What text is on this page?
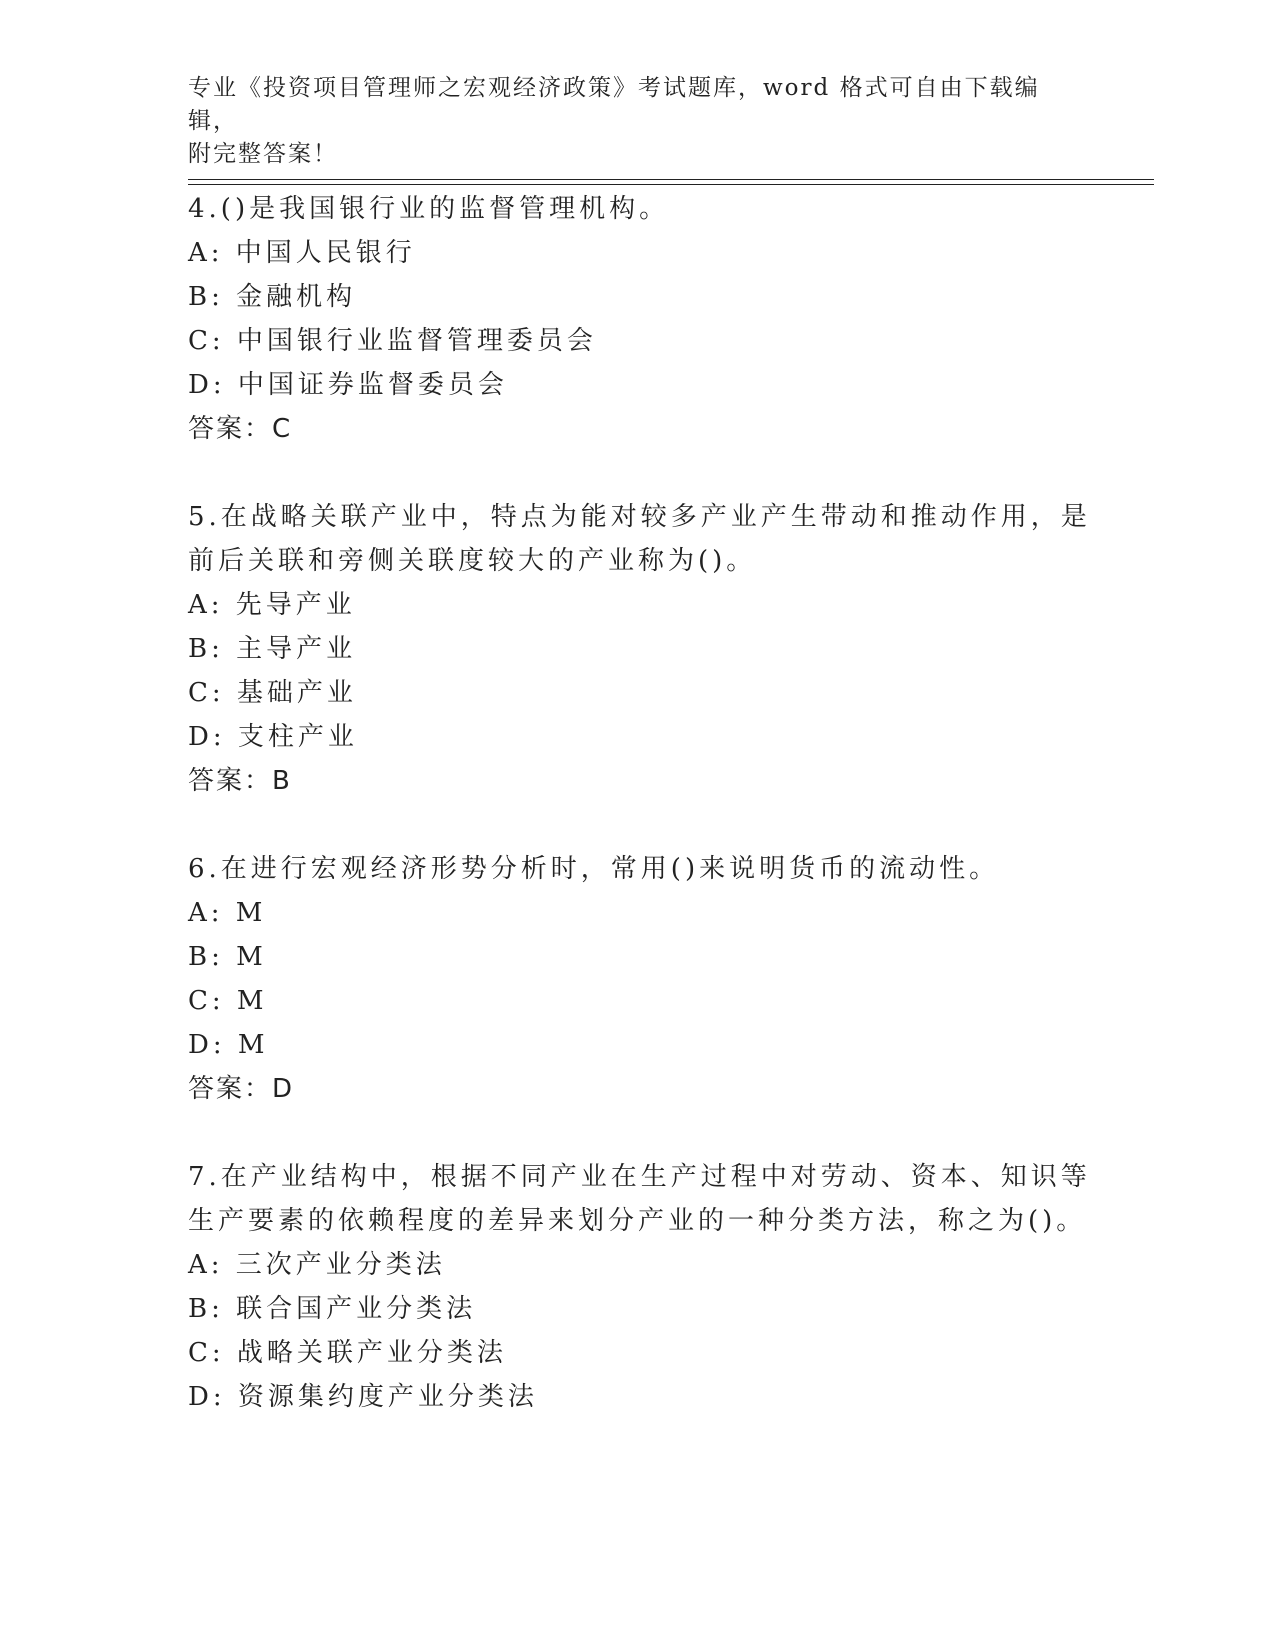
专业《投资项目管理师之宏观经济政策》考试题库，word 格式可自由下载编辑，
附完整答案！
4.()是我国银行业的监督管理机构。
A: 中国人民银行
B: 金融机构
C: 中国银行业监督管理委员会
D: 中国证券监督委员会
答案：C
5.在战略关联产业中，特点为能对较多产业产生带动和推动作用，是
前后关联和旁侧关联度较大的产业称为()。
A: 先导产业
B: 主导产业
C: 基础产业
D: 支柱产业
答案：B
6.在进行宏观经济形势分析时，常用()来说明货币的流动性。
A: M
B: M
C: M
D: M
答案：D
7.在产业结构中，根据不同产业在生产过程中对劳动、资本、知识等
生产要素的依赖程度的差异来划分产业的一种分类方法，称之为()。
A: 三次产业分类法
B: 联合国产业分类法
C: 战略关联产业分类法
D: 资源集约度产业分类法
